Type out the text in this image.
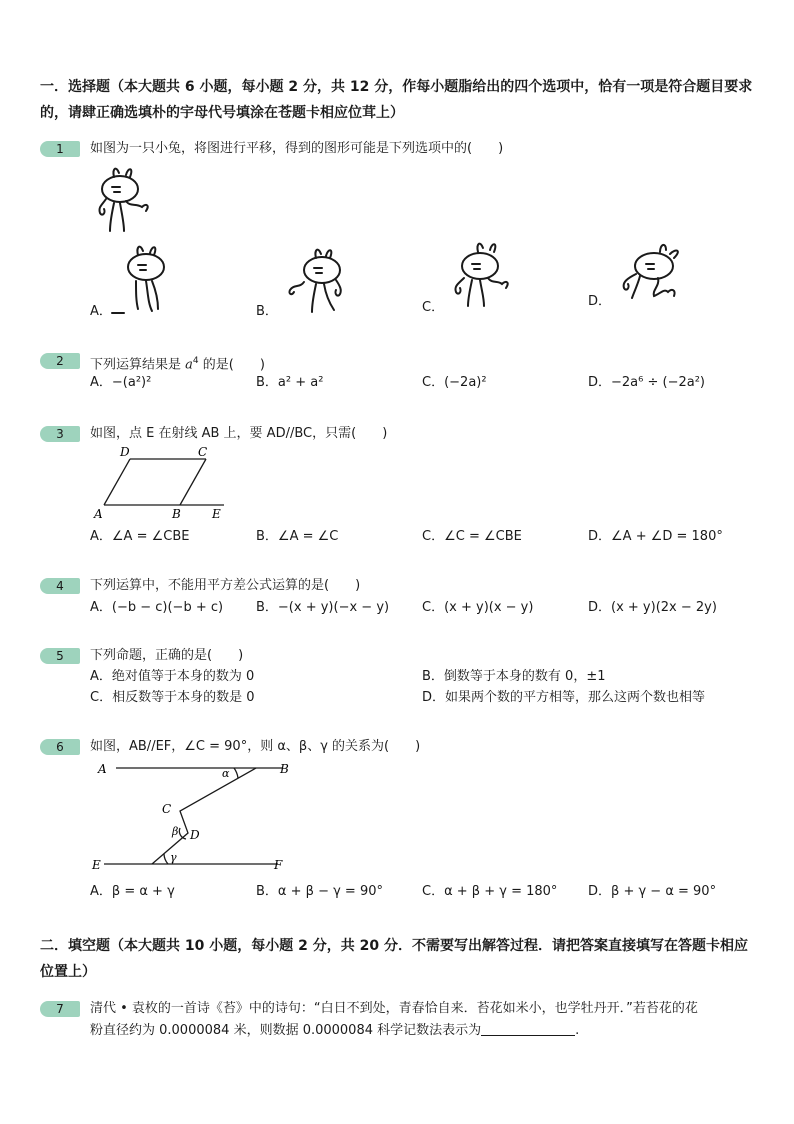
一．选择题（本大题共 6 小题，每小题 2 分，共 12 分，作每小题脂给出的四个选项中，恰有一项是符合题目要求的，请肆正确选填朴的宇母代号填涂在苍题卡相应位茸上）
1	如图为一只小兔，将图进行平移，得到的图形可能是下列选项中的(　　)
A．	B．	C．	D．
2	下列运算结果是 $a^4$ 的是(　　)
A．−(a²)²	B．a² + a²	C．(−2a)²	D．−2a⁶ ÷ (−2a²)
3	如图，点 E 在射线 AB 上，要 AD//BC，只需(　　)
D	C
A	B	E
A．∠A = ∠CBE	B．∠A = ∠C	C．∠C = ∠CBE	D．∠A + ∠D = 180°
4	下列运算中，不能用平方差公式运算的是(　　)
A．(−b − c)(−b + c)	B．−(x + y)(−x − y)	C．(x + y)(x − y)	D．(x + y)(2x − 2y)
5	下列命题，正确的是(　　)
A．绝对值等于本身的数为 0	B．倒数等于本身的数有 0，±1
C．相反数等于本身的数是 0	D．如果两个数的平方相等，那么这两个数也相等
6	如图，AB//EF，∠C = 90°，则 α、β、γ 的关系为(　　)
A	B
α
C
β D
γ
E	F
A．β = α + γ	B．α + β − γ = 90°	C．α + β + γ = 180° D．β + γ − α = 90°
二．填空题（本大题共 10 小题，每小题 2 分，共 20 分．不需要写出解答过程．请把答案直接填写在答题卡相应位置上）
7	清代 • 袁枚的一首诗《苔》中的诗句：“白日不到处，青春恰自来．苔花如米小，也学牡丹开．”若苔花的花
粉直径约为 0.0000084 米，则数据 0.0000084 科学记数法表示为	.
